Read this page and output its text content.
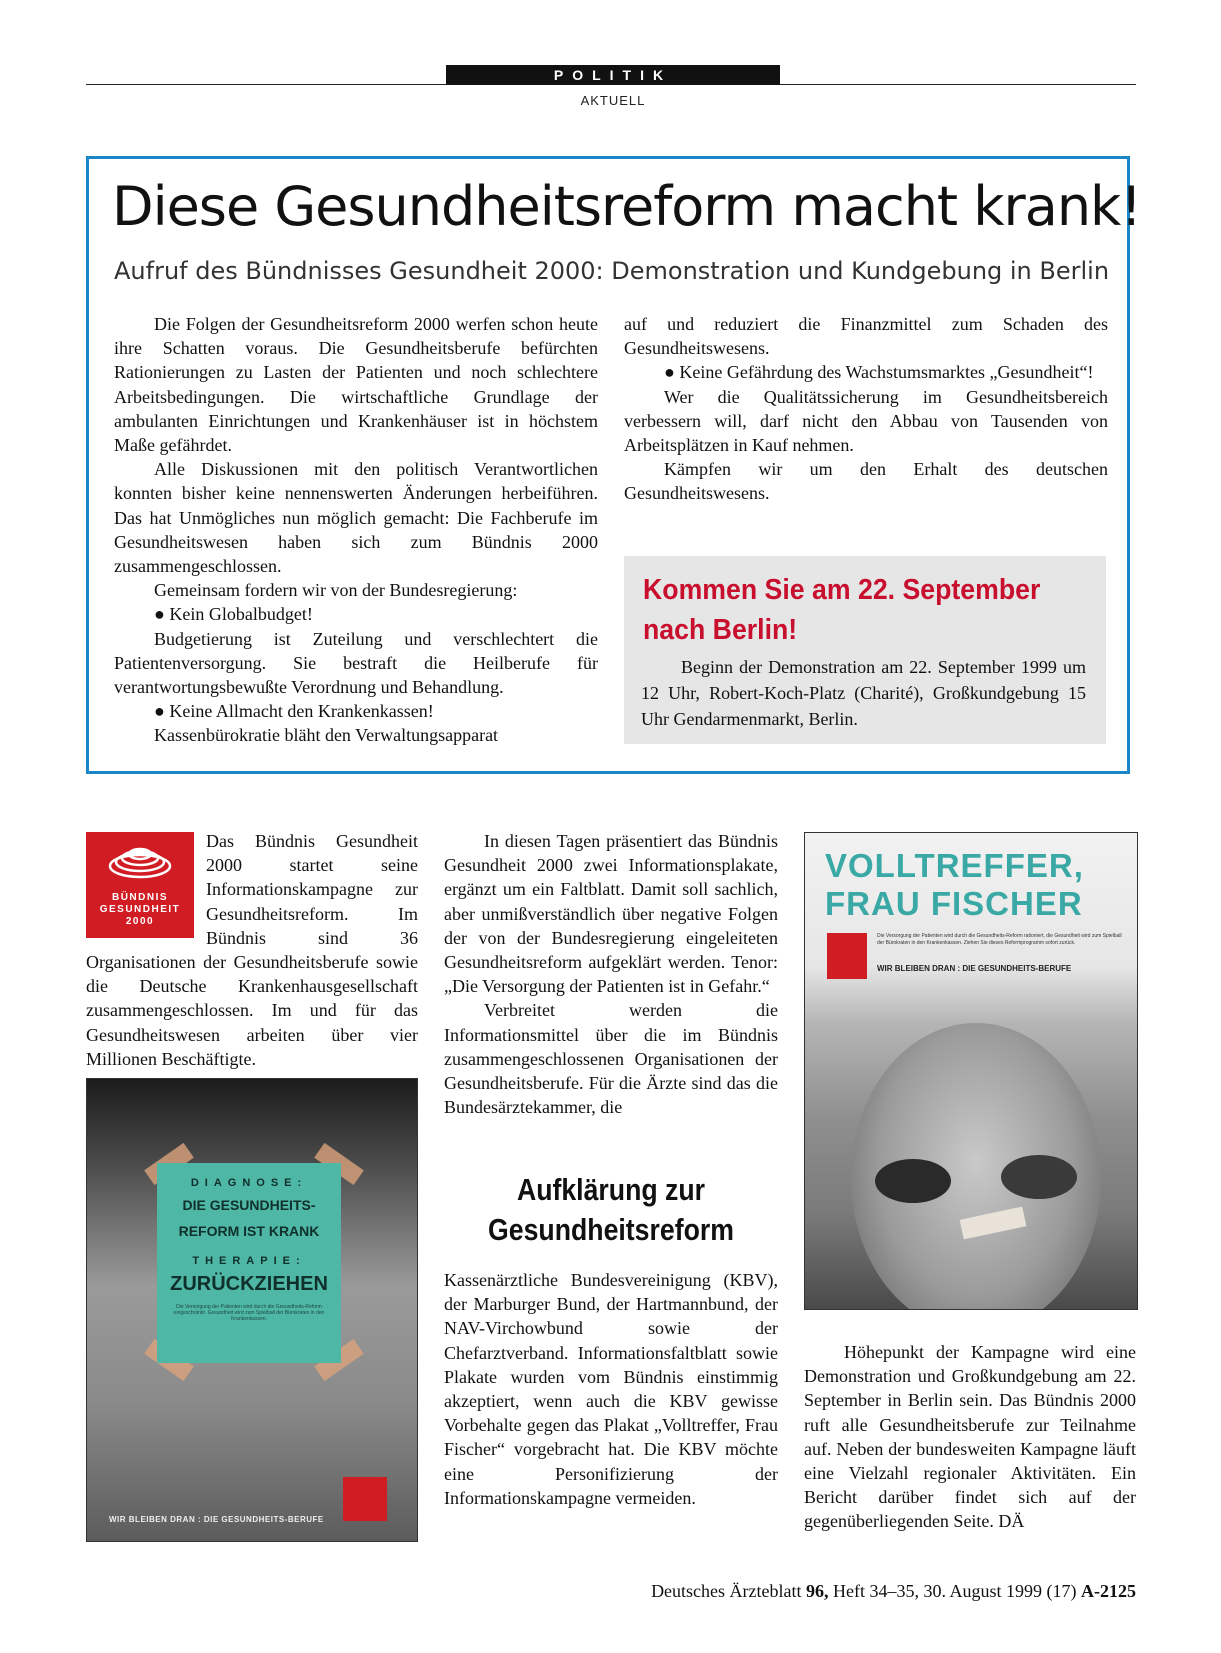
POLITIK
AKTUELL
Diese Gesundheitsreform macht krank!
Aufruf des Bündnisses Gesundheit 2000: Demonstration und Kundgebung in Berlin

Die Folgen der Gesundheitsreform 2000 werfen schon heute ihre Schatten voraus. Die Gesundheitsberufe befürchten Rationierungen zu Lasten der Patienten und noch schlechtere Arbeitsbedingungen. Die wirtschaftliche Grundlage der ambulanten Einrichtungen und Krankenhäuser ist in höchstem Maße gefährdet.

Alle Diskussionen mit den politisch Verantwortlichen konnten bisher keine nennenswerten Änderungen herbeiführen. Das hat Unmögliches nun möglich gemacht: Die Fachberufe im Gesundheitswesen haben sich zum Bündnis 2000 zusammengeschlossen.

Gemeinsam fordern wir von der Bundesregierung:

● Kein Globalbudget!

Budgetierung ist Zuteilung und verschlechtert die Patientenversorgung. Sie bestraft die Heilberufe für verantwortungsbewußte Verordnung und Behandlung.

● Keine Allmacht den Krankenkassen!

Kassenbürokratie bläht den Verwaltungsapparat

auf und reduziert die Finanzmittel zum Schaden des Gesundheitswesens.

● Keine Gefährdung des Wachstumsmarktes „Gesundheit“!

Wer die Qualitätssicherung im Gesundheitsbereich verbessern will, darf nicht den Abbau von Tausenden von Arbeitsplätzen in Kauf nehmen.

Kämpfen wir um den Erhalt des deutschen Gesundheitswesens.

Kommen Sie am 22. September nach Berlin!

Beginn der Demonstration am 22. September 1999 um 12 Uhr, Robert-Koch-Platz (Charité), Großkundgebung 15 Uhr Gendarmenmarkt, Berlin.

BÜNDNIS
GESUNDHEIT
2000

Das Bündnis Gesundheit 2000 startet seine Informationskampagne zur Gesundheitsreform. Im Bündnis sind 36 Organisationen der Gesundheitsberufe sowie die Deutsche Krankenhausgesellschaft zusammengeschlossen. Im und für das Gesundheitswesen arbeiten über vier Millionen Beschäftigte.

DIAGNOSE:
DIE GESUNDHEITS-
REFORM IST KRANK
THERAPIE:
ZURÜCKZIEHEN
Die Versorgung der Patienten wird durch die Gesundheits-Reform eingeschränkt. Gesundheit wird zum Spielball der Bürokraten in den Krankenkassen.
WIR BLEIBEN DRAN : DIE GESUNDHEITS-BERUFE

In diesen Tagen präsentiert das Bündnis Gesundheit 2000 zwei Informationsplakate, ergänzt um ein Faltblatt. Damit soll sachlich, aber unmißverständlich über negative Folgen der von der Bundesregierung eingeleiteten Gesundheitsreform aufgeklärt werden. Tenor: „Die Versorgung der Patienten ist in Gefahr.“

Verbreitet werden die Informationsmittel über die im Bündnis zusammengeschlossenen Organisationen der Gesundheitsberufe. Für die Ärzte sind das die Bundesärztekammer, die

Aufklärung zur Gesundheitsreform

Kassenärztliche Bundesvereinigung (KBV), der Marburger Bund, der Hartmannbund, der NAV-Virchowbund sowie der Chefarztverband. Informationsfaltblatt sowie Plakate wurden vom Bündnis einstimmig akzeptiert, wenn auch die KBV gewisse Vorbehalte gegen das Plakat „Volltreffer, Frau Fischer“ vorgebracht hat. Die KBV möchte eine Personifizierung der Informationskampagne vermeiden.

VOLLTREFFER,
FRAU FISCHER
Die Versorgung der Patienten wird durch die Gesundheits-Reform rationiert, die Gesundheit wird zum Spielball der Bürokraten in den Krankenkassen. Ziehen Sie dieses Reformprogramm sofort zurück.
WIR BLEIBEN DRAN : DIE GESUNDHEITS-BERUFE

Höhepunkt der Kampagne wird eine Demonstration und Großkundgebung am 22. September in Berlin sein. Das Bündnis 2000 ruft alle Gesundheitsberufe zur Teilnahme auf. Neben der bundesweiten Kampagne läuft eine Vielzahl regionaler Aktivitäten. Ein Bericht darüber findet sich auf der gegenüberliegenden Seite. DÄ

Deutsches Ärzteblatt 96, Heft 34–35, 30. August 1999 (17) A-2125
